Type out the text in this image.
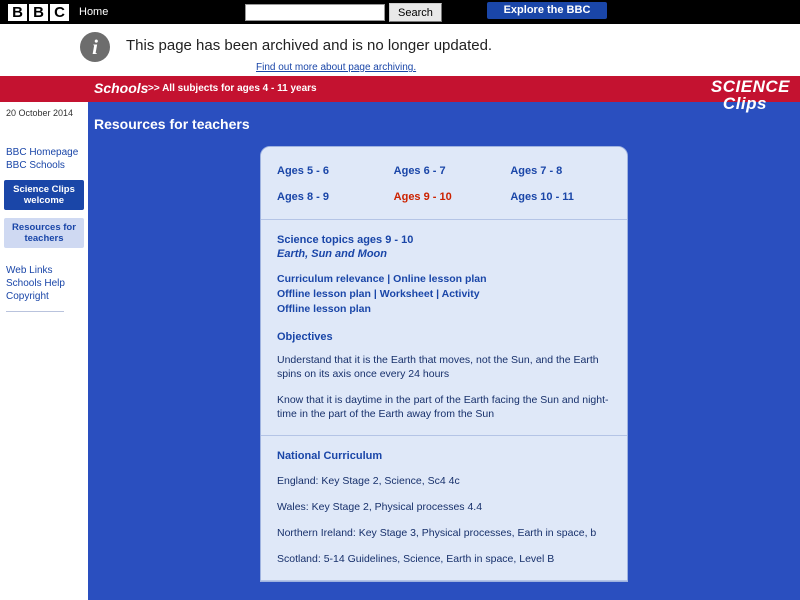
B B C	Home	Search	Explore the BBC
i	This page has been archived and is no longer updated.
Find out more about page archiving.
Schools >> All subjects for ages 4 - 11 years
20 October 2014
BBC Homepage
BBC Schools
Science Clips welcome
Resources for teachers
Web Links
Schools Help
Copyright
SCIENCE
Clips
Resources for teachers
Ages 5 - 6	Ages 6 - 7	Ages 7 - 8
Ages 8 - 9	Ages 9 - 10	Ages 10 - 11
Science topics ages 9 - 10
Earth, Sun and Moon
Curriculum relevance | Online lesson plan
Offline lesson plan | Worksheet | Activity
Offline lesson plan
Objectives
Understand that it is the Earth that moves, not the Sun, and the Earth spins on its axis once every 24 hours
Know that it is daytime in the part of the Earth facing the Sun and night-time in the part of the Earth away from the Sun
National Curriculum
England: Key Stage 2, Science, Sc4 4c
Wales: Key Stage 2, Physical processes 4.4
Northern Ireland: Key Stage 3, Physical processes, Earth in space, b
Scotland: 5-14 Guidelines, Science, Earth in space, Level B
